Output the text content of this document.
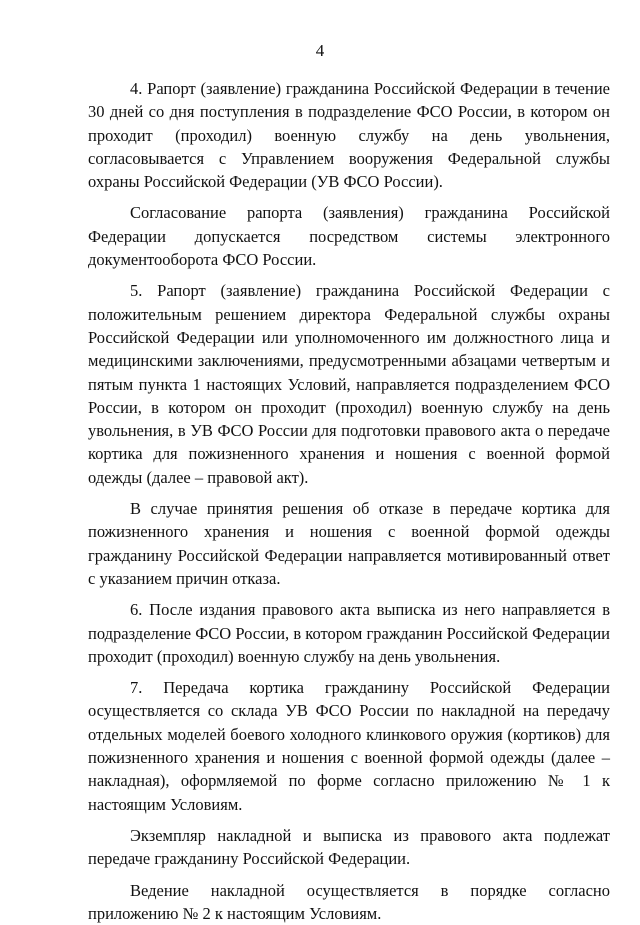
4

4. Рапорт (заявление) гражданина Российской Федерации в течение 30 дней со дня поступления в подразделение ФСО России, в котором он проходит (проходил) военную службу на день увольнения, согласовывается с Управлением вооружения Федеральной службы охраны Российской Федерации (УВ ФСО России).

Согласование рапорта (заявления) гражданина Российской Федерации допускается посредством системы электронного документооборота ФСО России.

5. Рапорт (заявление) гражданина Российской Федерации с положительным решением директора Федеральной службы охраны Российской Федерации или уполномоченного им должностного лица и медицинскими заключениями, предусмотренными абзацами четвертым и пятым пункта 1 настоящих Условий, направляется подразделением ФСО России, в котором он проходит (проходил) военную службу на день увольнения, в УВ ФСО России для подготовки правового акта о передаче кортика для пожизненного хранения и ношения с военной формой одежды (далее – правовой акт).

В случае принятия решения об отказе в передаче кортика для пожизненного хранения и ношения с военной формой одежды гражданину Российской Федерации направляется мотивированный ответ с указанием причин отказа.

6. После издания правового акта выписка из него направляется в подразделение ФСО России, в котором гражданин Российской Федерации проходит (проходил) военную службу на день увольнения.

7. Передача кортика гражданину Российской Федерации осуществляется со склада УВ ФСО России по накладной на передачу отдельных моделей боевого холодного клинкового оружия (кортиков) для пожизненного хранения и ношения с военной формой одежды (далее – накладная), оформляемой по форме согласно приложению № 1 к настоящим Условиям.

Экземпляр накладной и выписка из правового акта подлежат передаче гражданину Российской Федерации.

Ведение накладной осуществляется в порядке согласно приложению № 2 к настоящим Условиям.
